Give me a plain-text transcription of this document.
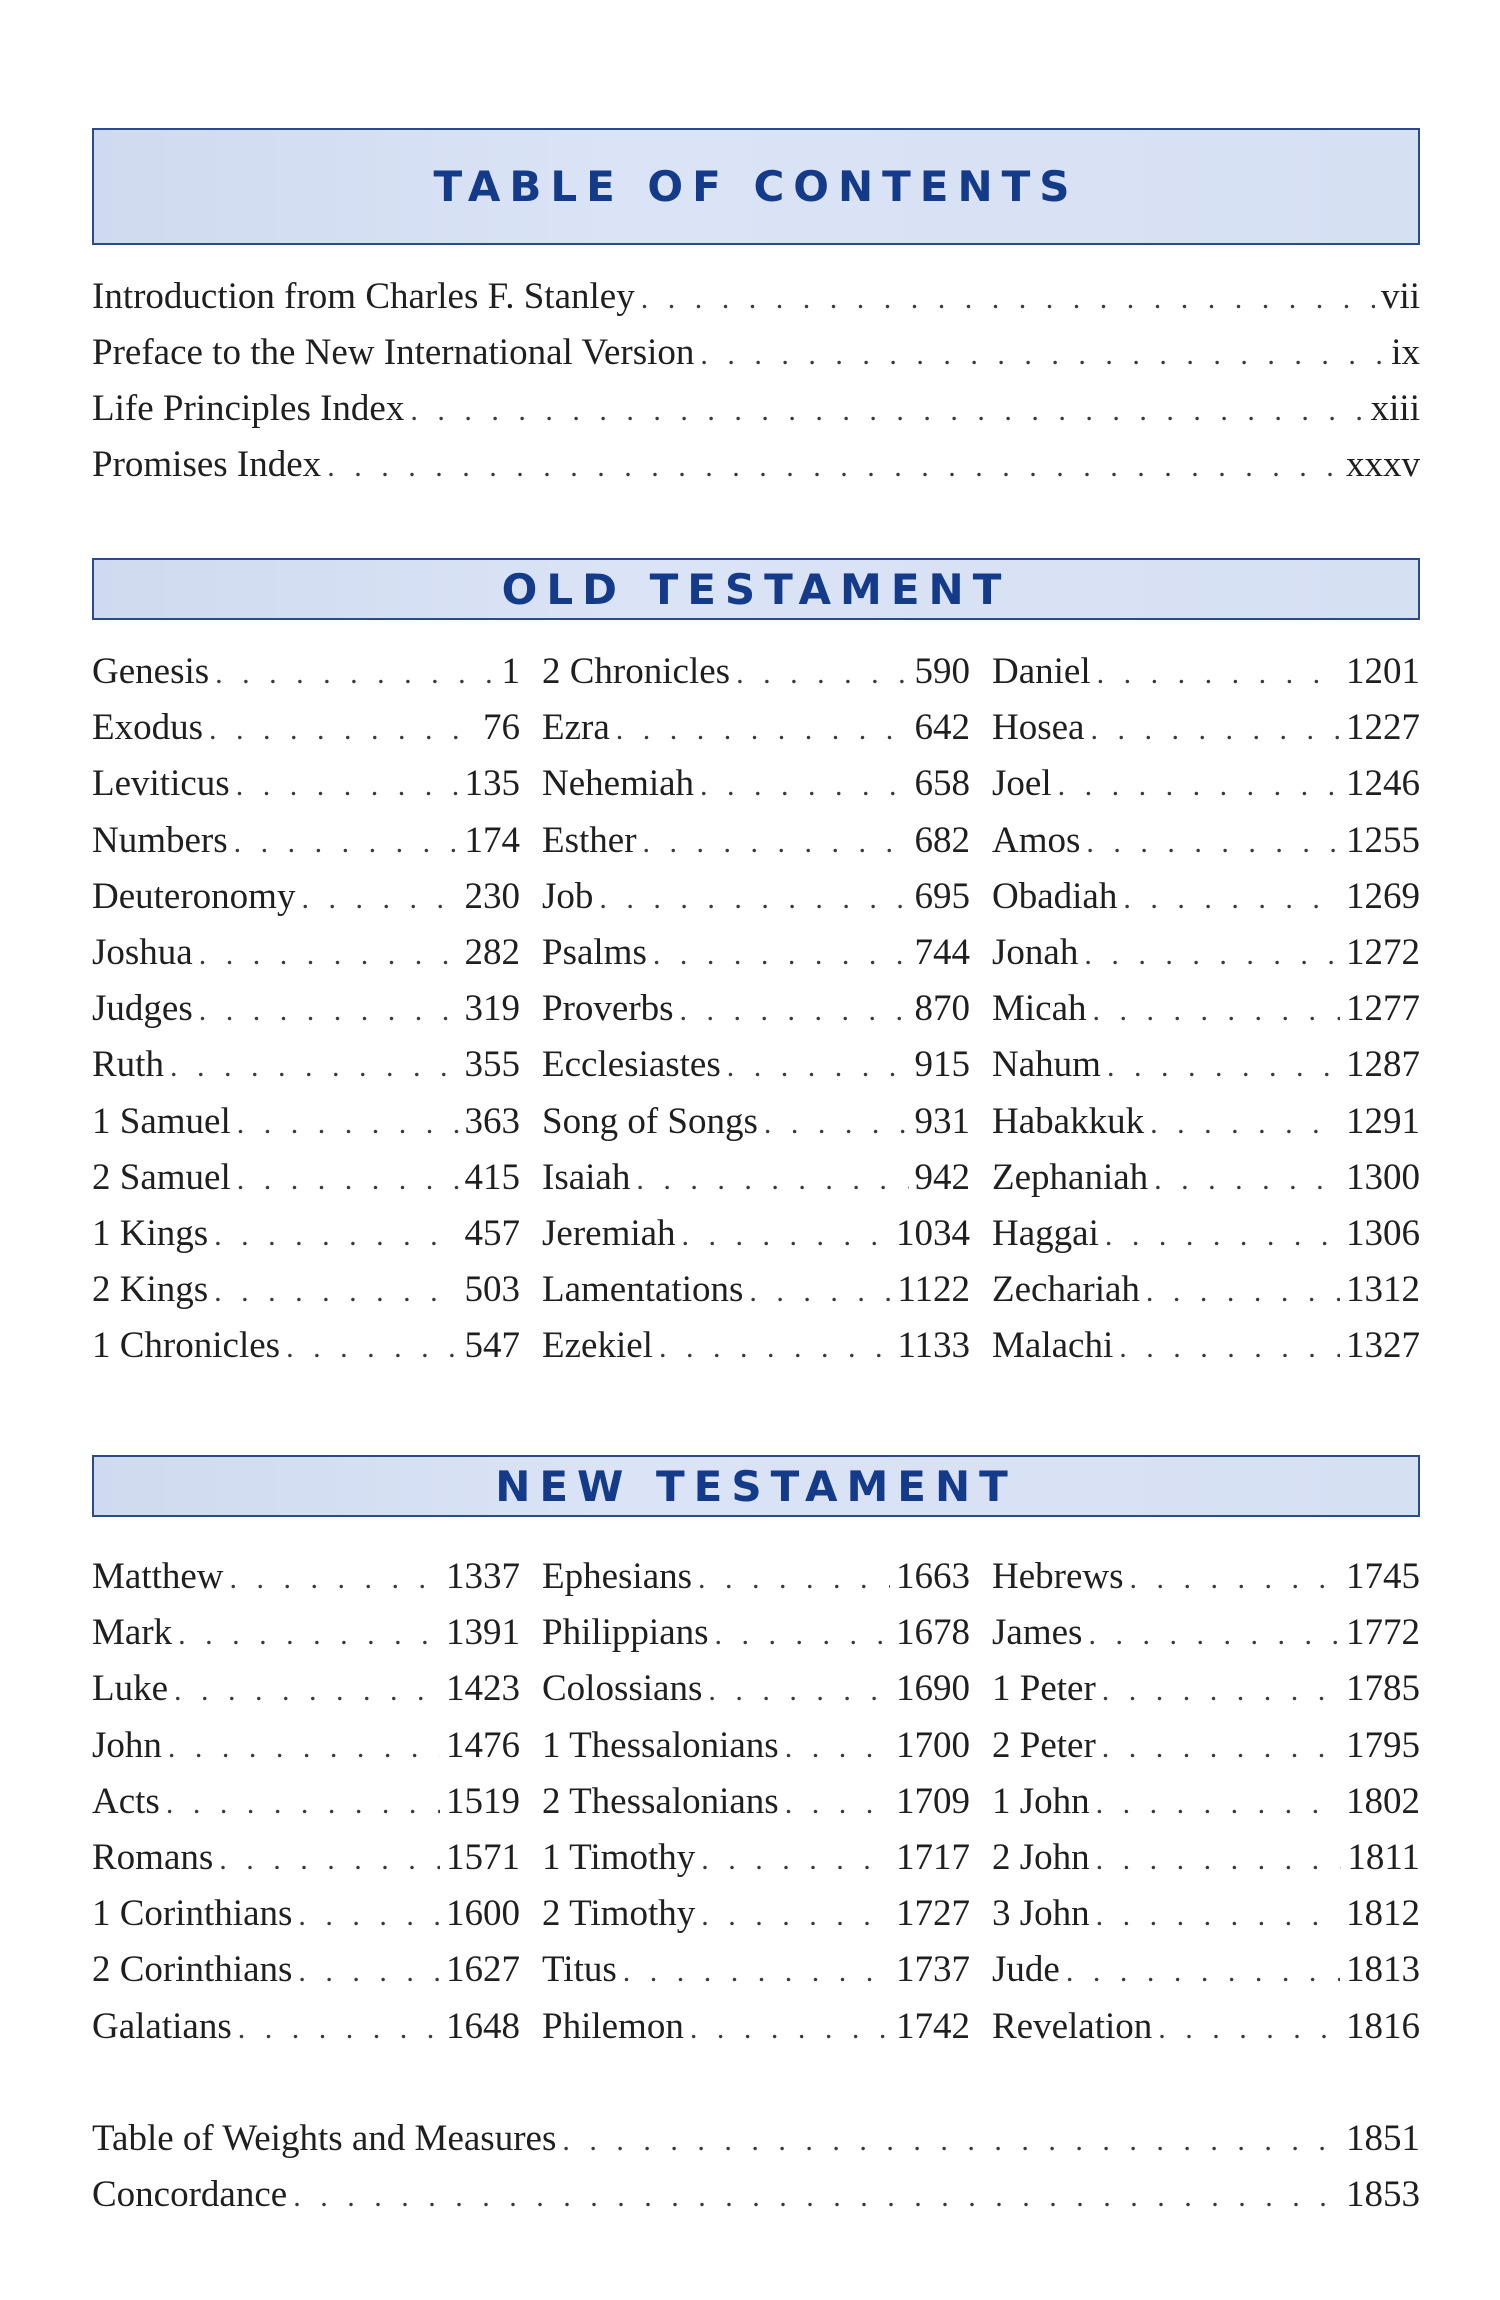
TABLE OF CONTENTS
Introduction from Charles F. Stanley . . .	vii
Preface to the New International Version . . .	ix
Life Principles Index . . .	xiii
Promises Index . . .	xxxv
OLD TESTAMENT
Genesis . . .	1
Exodus . . .	76
Leviticus . . .	135
Numbers . . .	174
Deuteronomy . . .	230
Joshua . . .	282
Judges . . .	319
Ruth . . .	355
1 Samuel . . .	363
2 Samuel . . .	415
1 Kings . . .	457
2 Kings . . .	503
1 Chronicles . . .	547
2 Chronicles . . .	590
Ezra . . .	642
Nehemiah . . .	658
Esther . . .	682
Job . . .	695
Psalms . . .	744
Proverbs . . .	870
Ecclesiastes . . .	915
Song of Songs . . .	931
Isaiah . . .	942
Jeremiah . . .	1034
Lamentations . . .	1122
Ezekiel . . .	1133
Daniel . . .	1201
Hosea . . .	1227
Joel . . .	1246
Amos . . .	1255
Obadiah . . .	1269
Jonah . . .	1272
Micah . . .	1277
Nahum . . .	1287
Habakkuk . . .	1291
Zephaniah . . .	1300
Haggai . . .	1306
Zechariah . . .	1312
Malachi . . .	1327
NEW TESTAMENT
Matthew . . .	1337
Mark . . .	1391
Luke . . .	1423
John . . .	1476
Acts . . .	1519
Romans . . .	1571
1 Corinthians . . .	1600
2 Corinthians . . .	1627
Galatians . . .	1648
Ephesians . . .	1663
Philippians . . .	1678
Colossians . . .	1690
1 Thessalonians . . .	1700
2 Thessalonians . . .	1709
1 Timothy . . .	1717
2 Timothy . . .	1727
Titus . . .	1737
Philemon . . .	1742
Hebrews . . .	1745
James . . .	1772
1 Peter . . .	1785
2 Peter . . .	1795
1 John . . .	1802
2 John . . .	1811
3 John . . .	1812
Jude . . .	1813
Revelation . . .	1816
Table of Weights and Measures . . .	1851
Concordance . . .	1853
